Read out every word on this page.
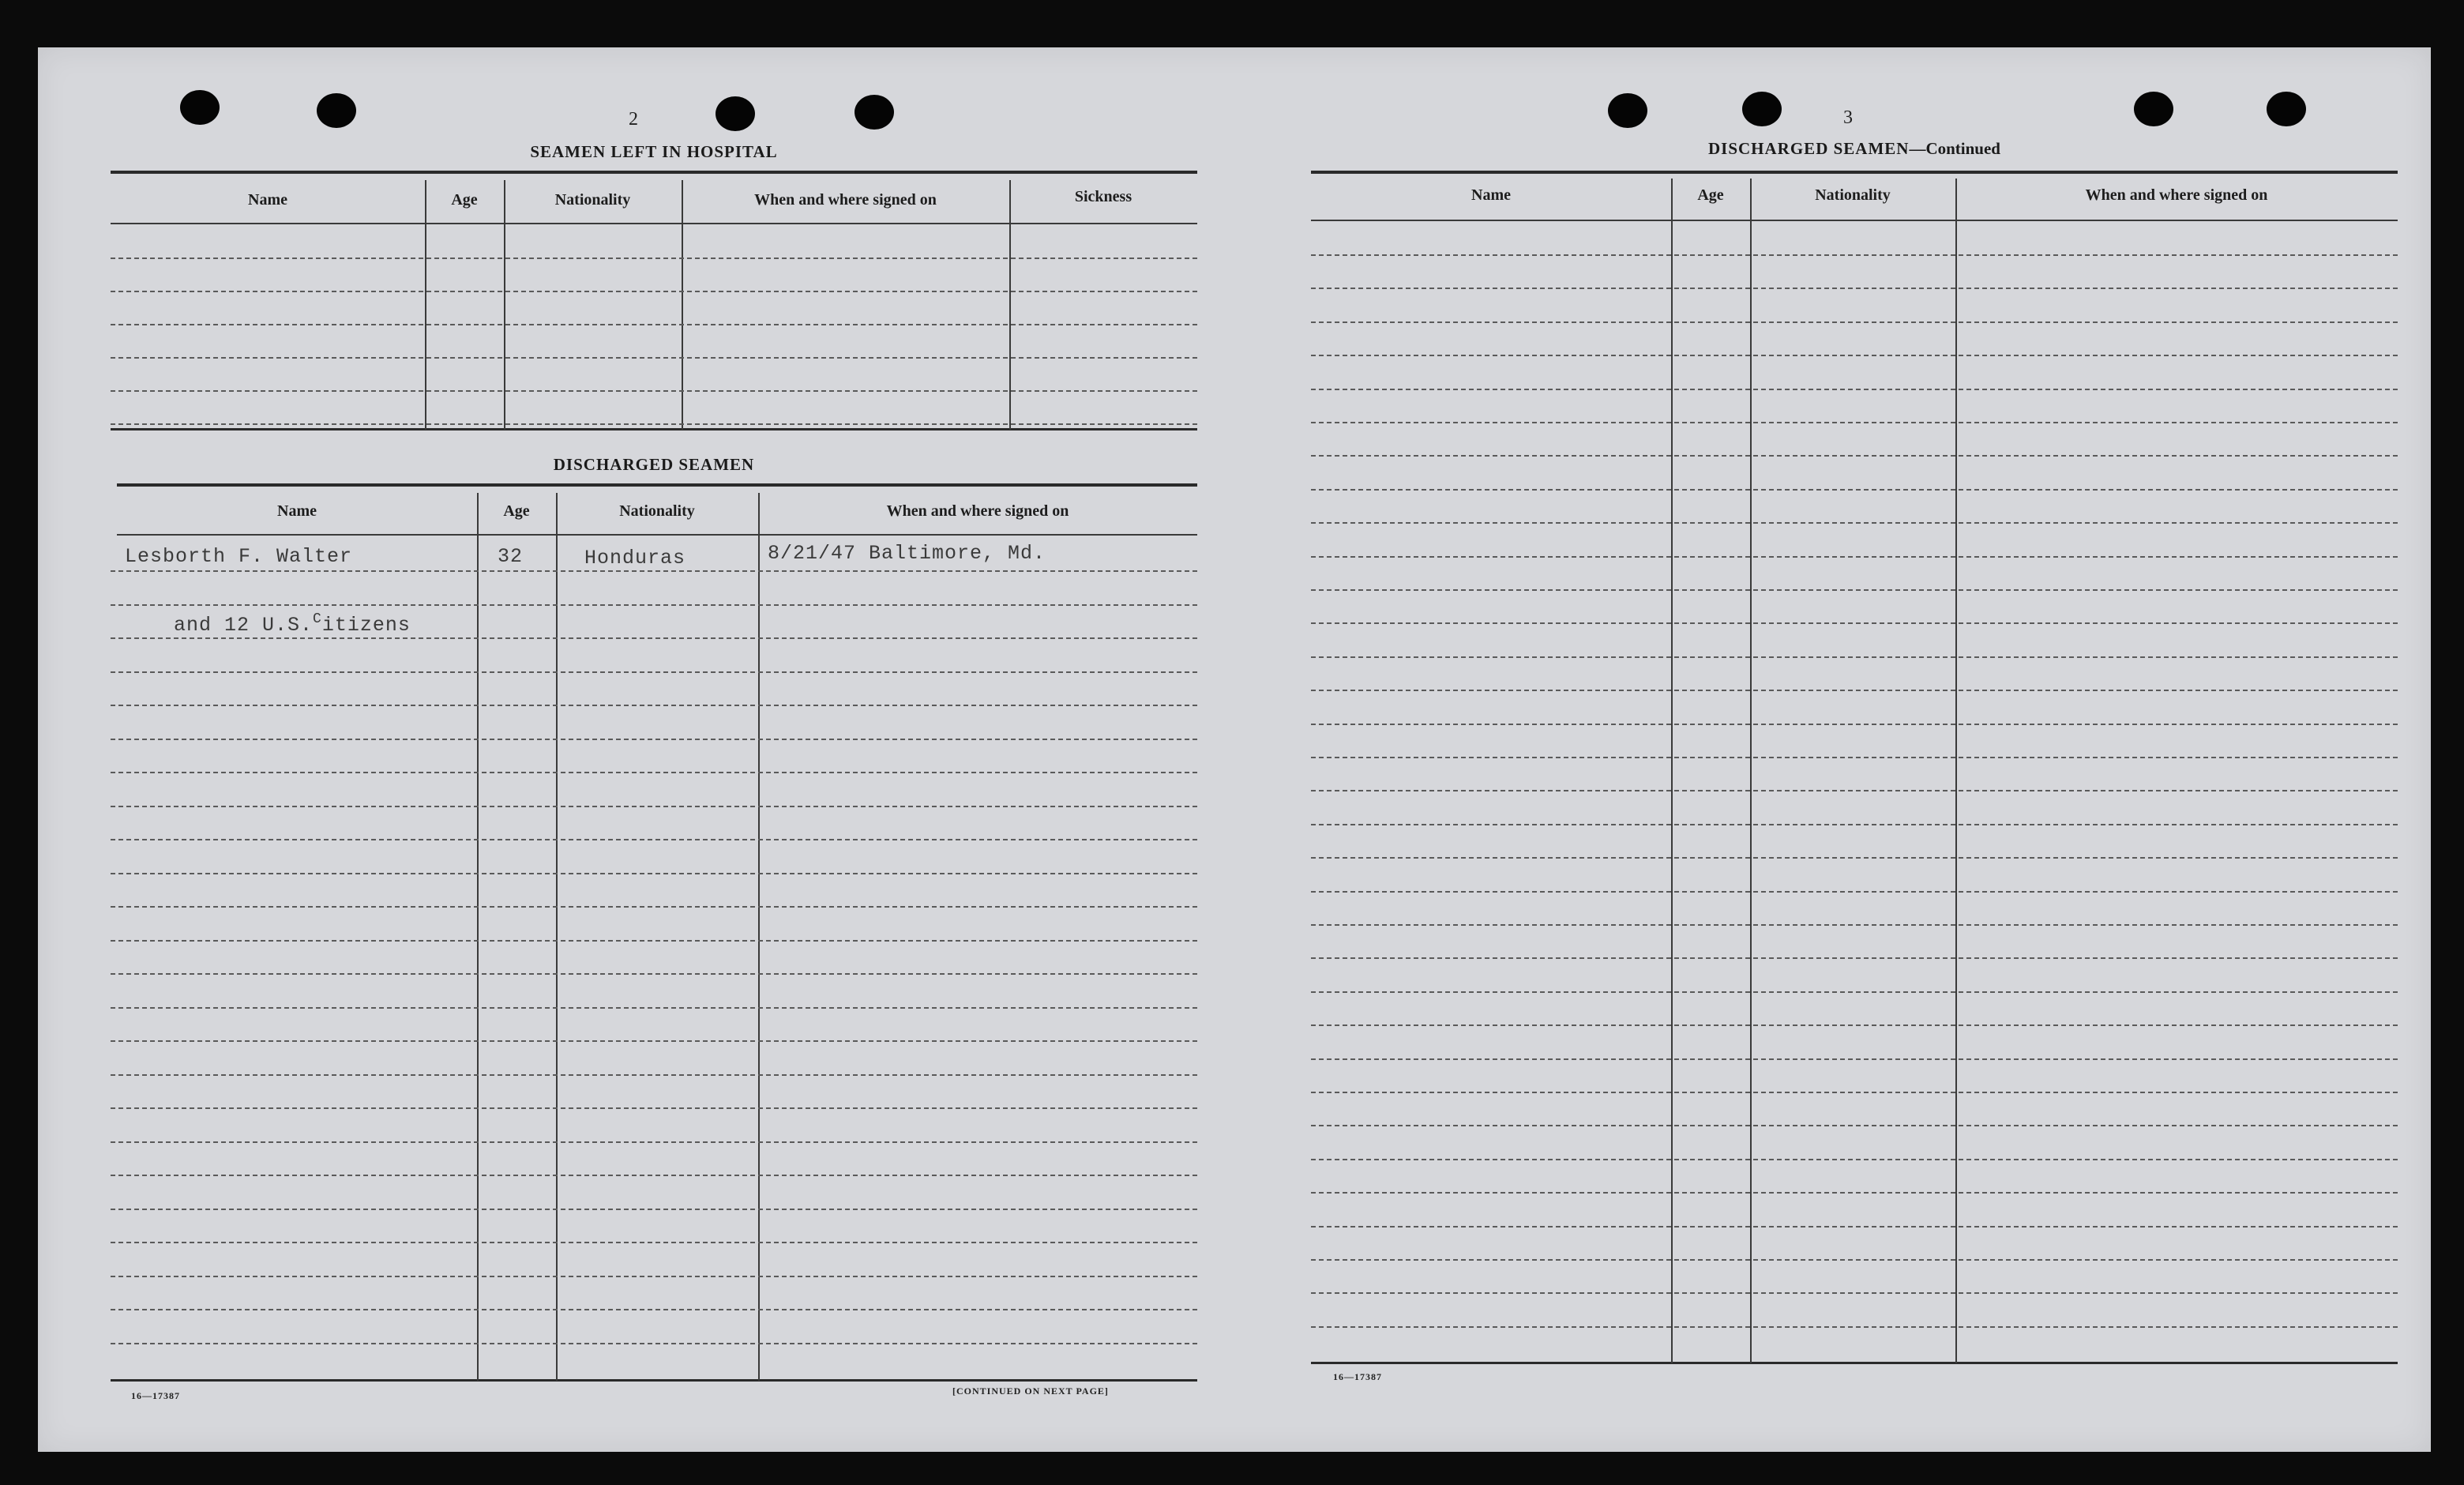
2
SEAMEN LEFT IN HOSPITAL
Name	Age	Nationality	When and where signed on	Sickness
DISCHARGED SEAMEN
Name	Age	Nationality	When and where signed on
Lesborth F. Walter	32	Honduras	8/21/47 Baltimore, Md.
and 12 U.S.$^C$itizens
16—17387	[CONTINUED ON NEXT PAGE]
3
DISCHARGED SEAMEN—Continued
Name	Age	Nationality	When and where signed on
16—17387
